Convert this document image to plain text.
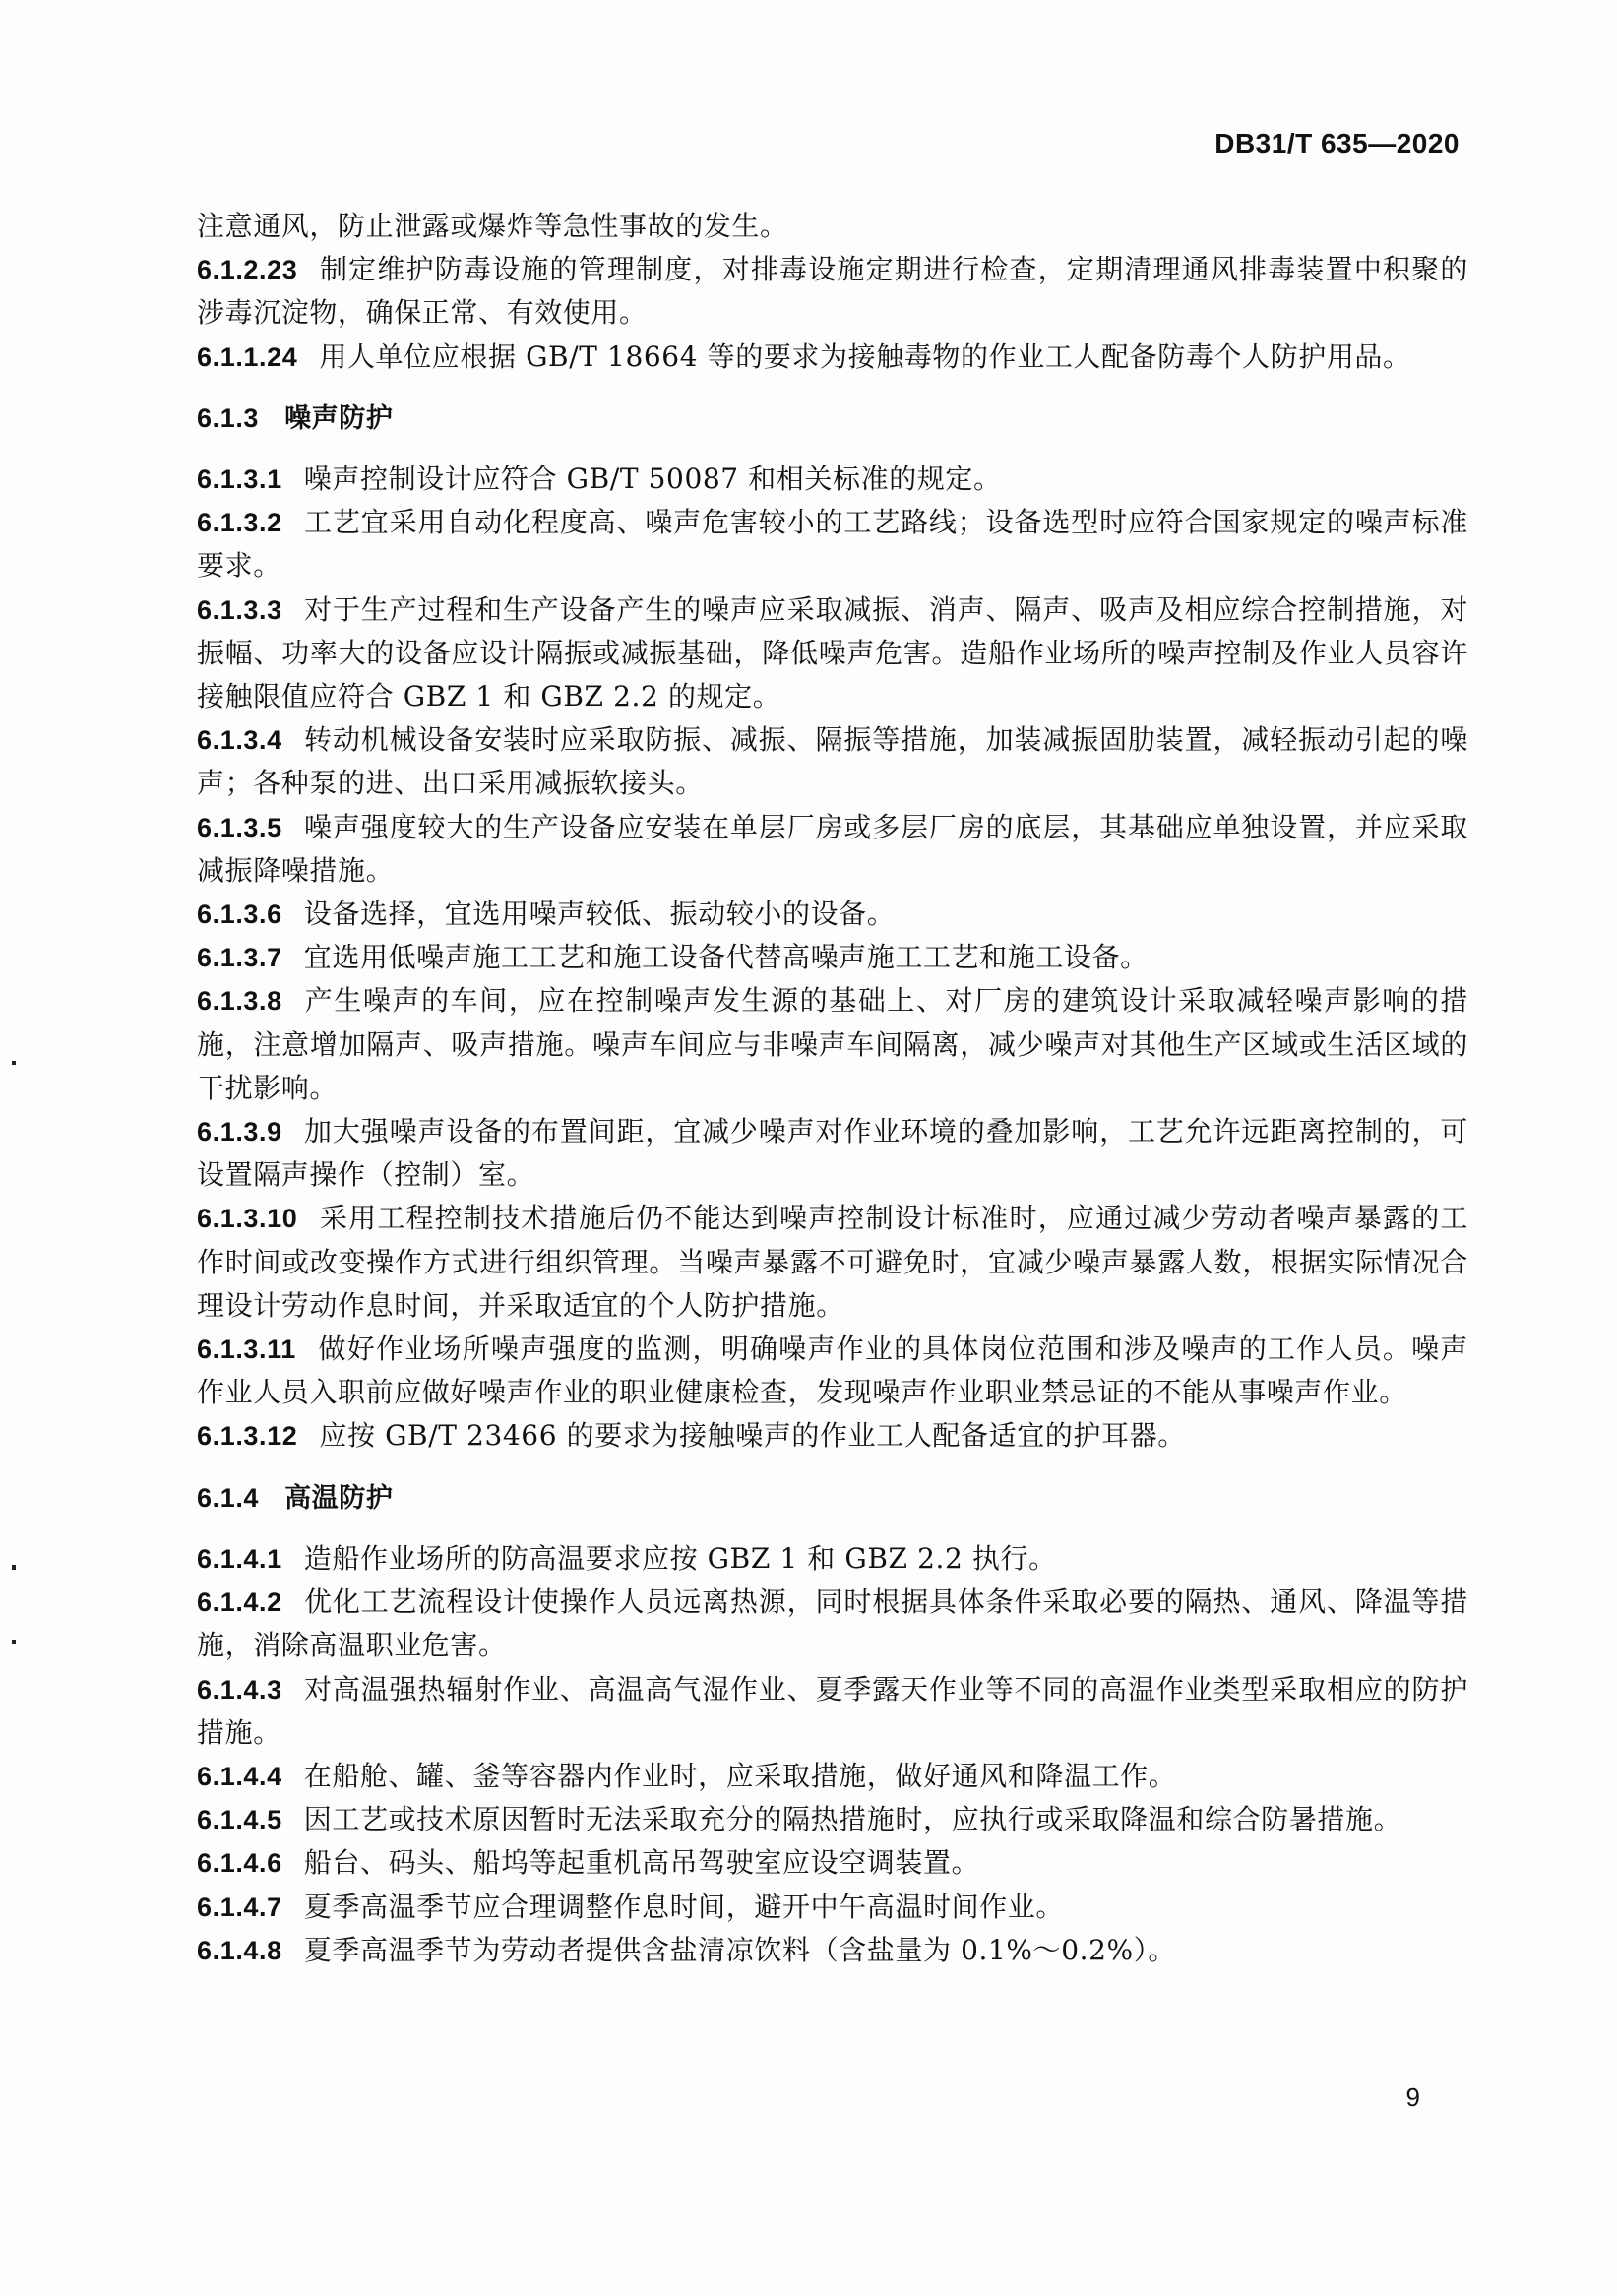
DB31/T 635—2020

注意通风，防止泄露或爆炸等急性事故的发生。

6.1.2.23 制定维护防毒设施的管理制度，对排毒设施定期进行检查，定期清理通风排毒装置中积聚的涉毒沉淀物，确保正常、有效使用。

6.1.1.24 用人单位应根据 GB/T 18664 等的要求为接触毒物的作业工人配备防毒个人防护用品。

6.1.3 噪声防护

6.1.3.1 噪声控制设计应符合 GB/T 50087 和相关标准的规定。

6.1.3.2 工艺宜采用自动化程度高、噪声危害较小的工艺路线；设备选型时应符合国家规定的噪声标准要求。

6.1.3.3 对于生产过程和生产设备产生的噪声应采取减振、消声、隔声、吸声及相应综合控制措施，对振幅、功率大的设备应设计隔振或减振基础，降低噪声危害。造船作业场所的噪声控制及作业人员容许接触限值应符合 GBZ 1 和 GBZ 2.2 的规定。

6.1.3.4 转动机械设备安装时应采取防振、减振、隔振等措施，加装减振固肋装置，减轻振动引起的噪声；各种泵的进、出口采用减振软接头。

6.1.3.5 噪声强度较大的生产设备应安装在单层厂房或多层厂房的底层，其基础应单独设置，并应采取减振降噪措施。

6.1.3.6 设备选择，宜选用噪声较低、振动较小的设备。

6.1.3.7 宜选用低噪声施工工艺和施工设备代替高噪声施工工艺和施工设备。

6.1.3.8 产生噪声的车间，应在控制噪声发生源的基础上、对厂房的建筑设计采取减轻噪声影响的措施，注意增加隔声、吸声措施。噪声车间应与非噪声车间隔离，减少噪声对其他生产区域或生活区域的干扰影响。

6.1.3.9 加大强噪声设备的布置间距，宜减少噪声对作业环境的叠加影响，工艺允许远距离控制的，可设置隔声操作（控制）室。

6.1.3.10 采用工程控制技术措施后仍不能达到噪声控制设计标准时，应通过减少劳动者噪声暴露的工作时间或改变操作方式进行组织管理。当噪声暴露不可避免时，宜减少噪声暴露人数，根据实际情况合理设计劳动作息时间，并采取适宜的个人防护措施。

6.1.3.11 做好作业场所噪声强度的监测，明确噪声作业的具体岗位范围和涉及噪声的工作人员。噪声作业人员入职前应做好噪声作业的职业健康检查，发现噪声作业职业禁忌证的不能从事噪声作业。

6.1.3.12 应按 GB/T 23466 的要求为接触噪声的作业工人配备适宜的护耳器。

6.1.4 高温防护

6.1.4.1 造船作业场所的防高温要求应按 GBZ 1 和 GBZ 2.2 执行。

6.1.4.2 优化工艺流程设计使操作人员远离热源，同时根据具体条件采取必要的隔热、通风、降温等措施，消除高温职业危害。

6.1.4.3 对高温强热辐射作业、高温高气湿作业、夏季露天作业等不同的高温作业类型采取相应的防护措施。

6.1.4.4 在船舱、罐、釜等容器内作业时，应采取措施，做好通风和降温工作。

6.1.4.5 因工艺或技术原因暂时无法采取充分的隔热措施时，应执行或采取降温和综合防暑措施。

6.1.4.6 船台、码头、船坞等起重机高吊驾驶室应设空调装置。

6.1.4.7 夏季高温季节应合理调整作息时间，避开中午高温时间作业。

6.1.4.8 夏季高温季节为劳动者提供含盐清凉饮料（含盐量为 0.1%～0.2%）。

9
